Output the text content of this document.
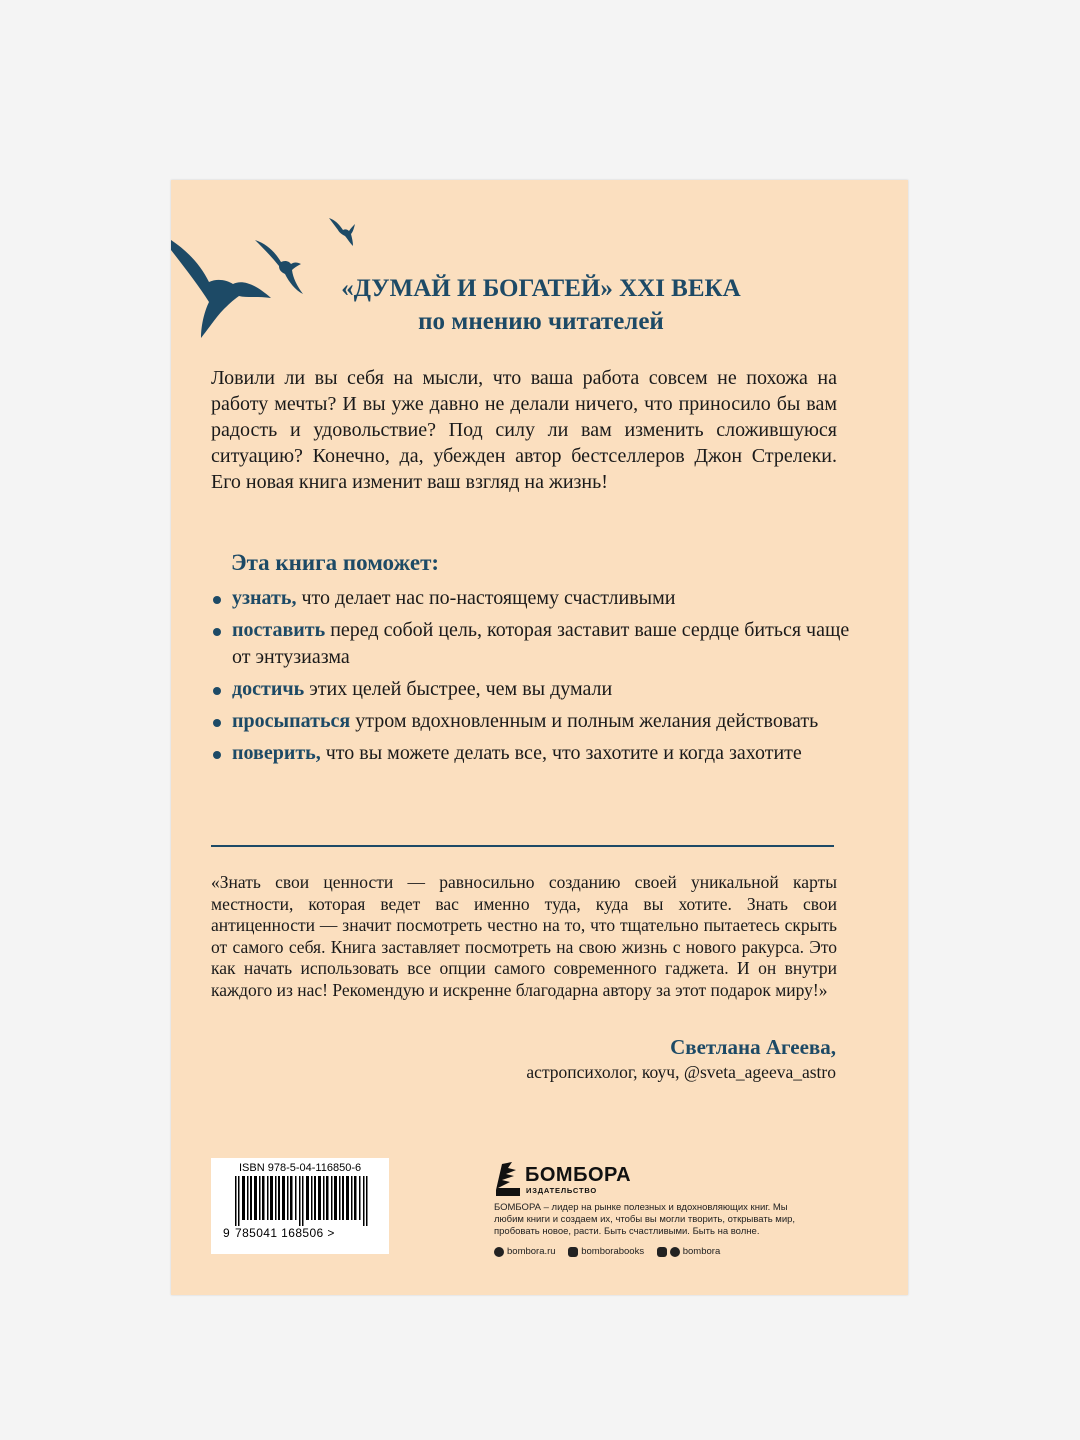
«ДУМАЙ И БОГАТЕЙ» XXI ВЕКА
по мнению читателей

Ловили ли вы себя на мысли, что ваша работа совсем не похожа на работу мечты? И вы уже давно не делали ничего, что приносило бы вам радость и удовольствие? Под силу ли вам изменить сложившуюся ситуацию? Конечно, да, убежден автор бестселлеров Джон Стрелеки. Его новая книга изменит ваш взгляд на жизнь!

Эта книга поможет:
узнать, что делает нас по-настоящему счастливыми
поставить перед собой цель, которая заставит ваше сердце биться чаще от энтузиазма
достичь этих целей быстрее, чем вы думали
просыпаться утром вдохновленным и полным желания действовать
поверить, что вы можете делать все, что захотите и когда захотите

«Знать свои ценности — равносильно созданию своей уникальной карты местности, которая ведет вас именно туда, куда вы хотите. Знать свои антиценности — значит посмотреть честно на то, что тщательно пытаетесь скрыть от самого себя. Книга заставляет посмотреть на свою жизнь с нового ракурса. Это как начать использовать все опции самого современного гаджета. И он внутри каждого из нас! Рекомендую и искренне благодарна автору за этот подарок миру!»

Светлана Агеева,
астропсихолог, коуч, @sveta_ageeva_astro
ISBN 978-5-04-116850-6
9 785041 168506 >
БОМБОРА
ИЗДАТЕЛЬСТВО

БОМБОРА – лидер на рынке полезных и вдохновляющих книг. Мы любим книги и создаем их, чтобы вы могли творить, открывать мир, пробовать новое, расти. Быть счастливыми. Быть на волне.

bombora.ru
	bomborabooks
	bombora
